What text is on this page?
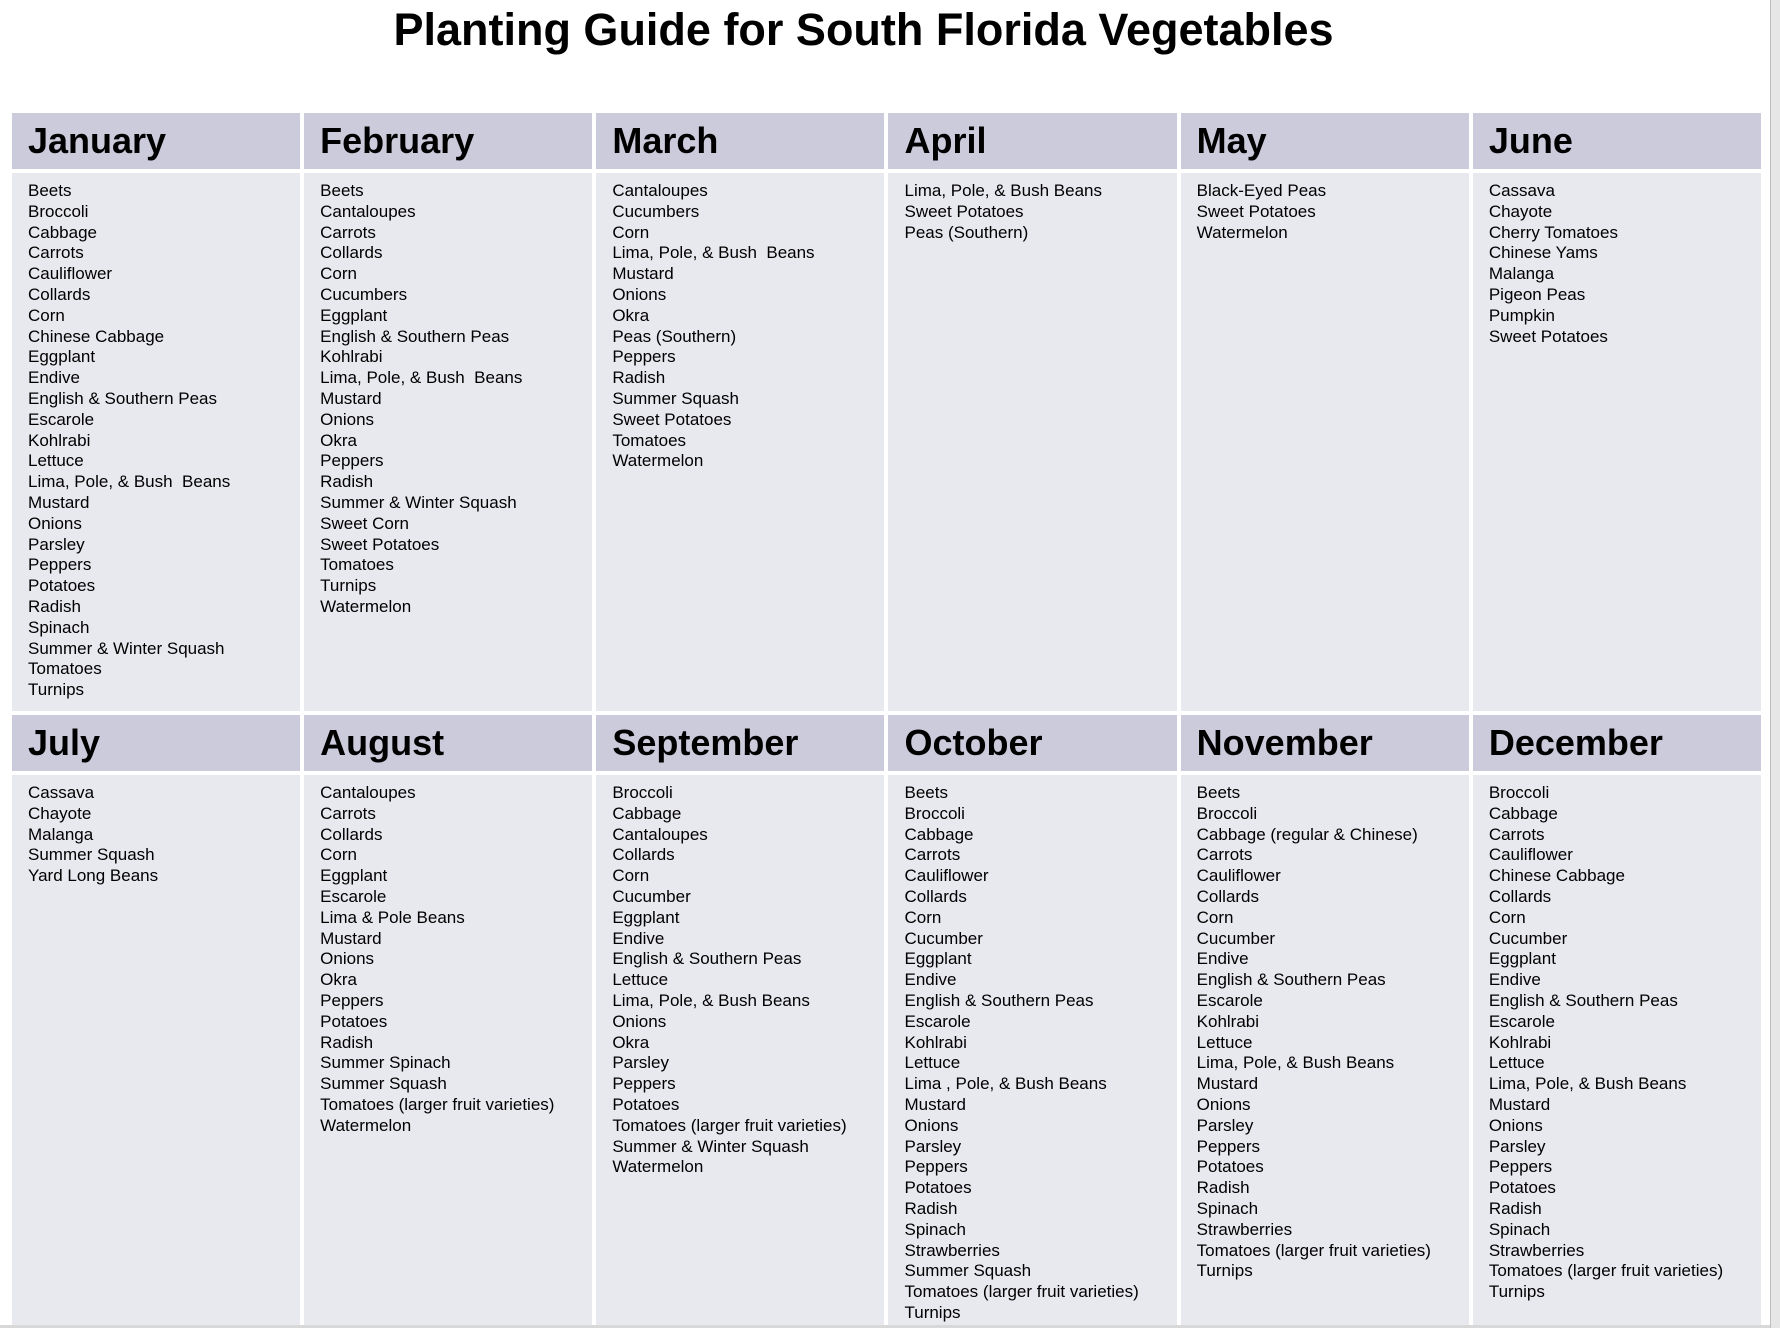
Planting Guide for South Florida Vegetables
January
Beets
Broccoli
Cabbage
Carrots
Cauliflower
Collards
Corn
Chinese Cabbage
Eggplant
Endive
English & Southern Peas
Escarole
Kohlrabi
Lettuce
Lima, Pole, & Bush  Beans
Mustard
Onions
Parsley
Peppers
Potatoes
Radish
Spinach
Summer & Winter Squash
Tomatoes
Turnips
February
Beets
Cantaloupes
Carrots
Collards
Corn
Cucumbers
Eggplant
English & Southern Peas
Kohlrabi
Lima, Pole, & Bush  Beans
Mustard
Onions
Okra
Peppers
Radish
Summer & Winter Squash
Sweet Corn
Sweet Potatoes
Tomatoes
Turnips
Watermelon
March
Cantaloupes
Cucumbers
Corn
Lima, Pole, & Bush  Beans
Mustard
Onions
Okra
Peas (Southern)
Peppers
Radish
Summer Squash
Sweet Potatoes
Tomatoes
Watermelon
April
Lima, Pole, & Bush Beans
Sweet Potatoes
Peas (Southern)
May
Black-Eyed Peas
Sweet Potatoes
Watermelon
June
Cassava
Chayote
Cherry Tomatoes
Chinese Yams
Malanga
Pigeon Peas
Pumpkin
Sweet Potatoes
July
Cassava
Chayote
Malanga
Summer Squash
Yard Long Beans
August
Cantaloupes
Carrots
Collards
Corn
Eggplant
Escarole
Lima & Pole Beans
Mustard
Onions
Okra
Peppers
Potatoes
Radish
Summer Spinach
Summer Squash
Tomatoes (larger fruit varieties)
Watermelon
September
Broccoli
Cabbage
Cantaloupes
Collards
Corn
Cucumber
Eggplant
Endive
English & Southern Peas
Lettuce
Lima, Pole, & Bush Beans
Onions
Okra
Parsley
Peppers
Potatoes
Tomatoes (larger fruit varieties)
Summer & Winter Squash
Watermelon
October
Beets
Broccoli
Cabbage
Carrots
Cauliflower
Collards
Corn
Cucumber
Eggplant
Endive
English & Southern Peas
Escarole
Kohlrabi
Lettuce
Lima , Pole, & Bush Beans
Mustard
Onions
Parsley
Peppers
Potatoes
Radish
Spinach
Strawberries
Summer Squash
Tomatoes (larger fruit varieties)
Turnips
November
Beets
Broccoli
Cabbage (regular & Chinese)
Carrots
Cauliflower
Collards
Corn
Cucumber
Endive
English & Southern Peas
Escarole
Kohlrabi
Lettuce
Lima, Pole, & Bush Beans
Mustard
Onions
Parsley
Peppers
Potatoes
Radish
Spinach
Strawberries
Tomatoes (larger fruit varieties)
Turnips
December
Broccoli
Cabbage
Carrots
Cauliflower
Chinese Cabbage
Collards
Corn
Cucumber
Eggplant
Endive
English & Southern Peas
Escarole
Kohlrabi
Lettuce
Lima, Pole, & Bush Beans
Mustard
Onions
Parsley
Peppers
Potatoes
Radish
Spinach
Strawberries
Tomatoes (larger fruit varieties)
Turnips
